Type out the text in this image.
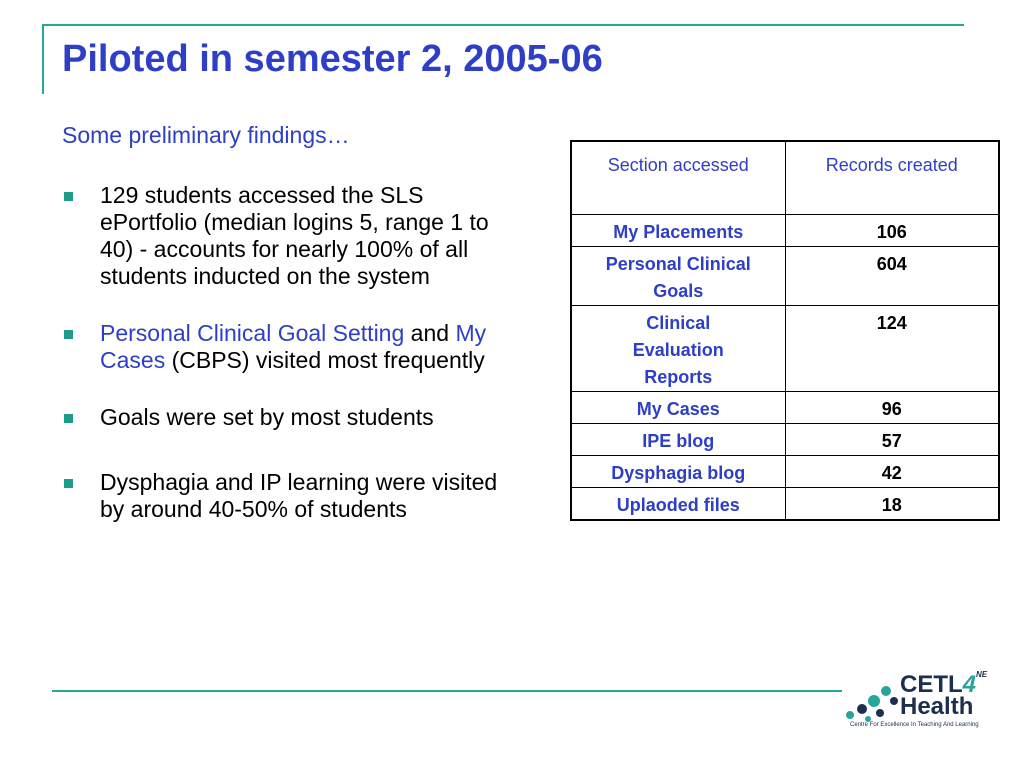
Piloted in semester 2, 2005-06
Some preliminary findings…
129 students accessed the SLS ePortfolio (median logins 5, range 1 to 40) - accounts for nearly 100% of all students inducted on the system
Personal Clinical Goal Setting and My Cases (CBPS) visited most frequently
Goals were set by most students
Dysphagia and IP learning were visited by around 40-50% of students
Section accessed	Records created
My Placements	106
Personal Clinical Goals	604
Clinical Evaluation Reports	124
My Cases	96
IPE blog	57
Dysphagia blog	42
Uplaoded files	18
CETL4
Health
NE
Centre For Excellence In Teaching And Learning
